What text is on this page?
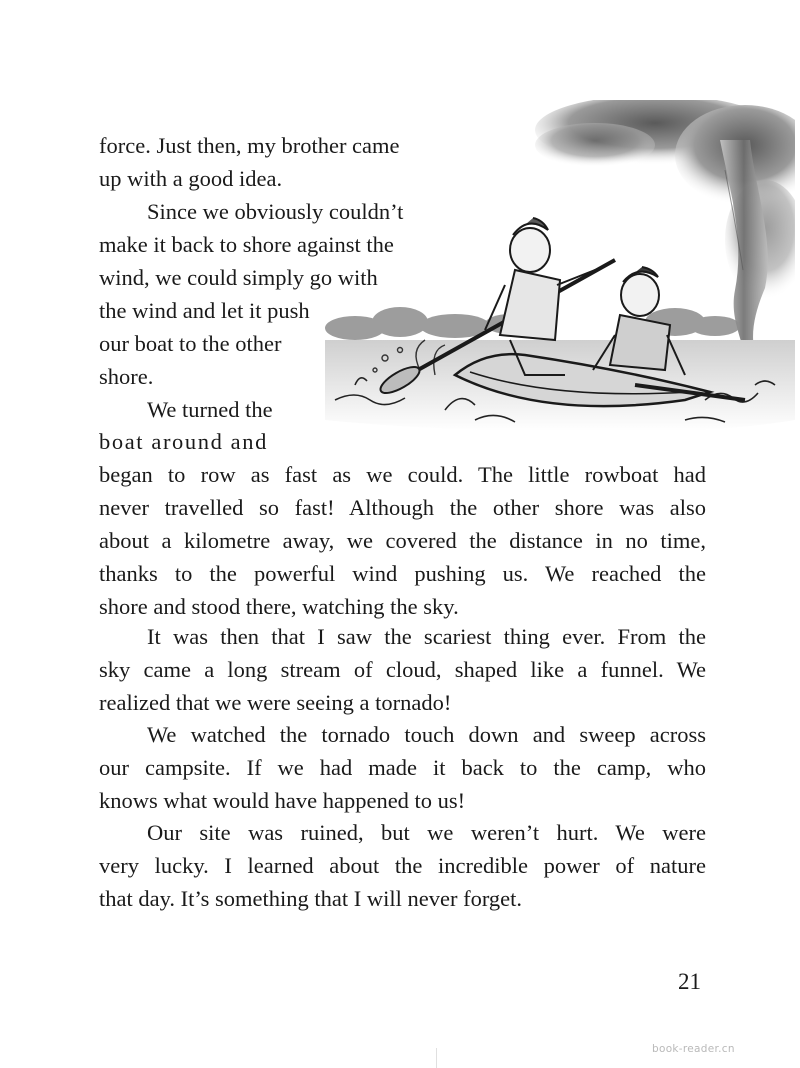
force. Just then, my brother came

up with a good idea.

Since we obviously couldn’t

make it back to shore against the

wind, we could simply go with

the wind and let it push

our boat to the other

shore.

We turned the

boat around and

began to row as fast as we could. The little rowboat had

never travelled so fast! Although the other shore was also

about a kilometre away, we covered the distance in no time,

thanks to the powerful wind pushing us. We reached the

shore and stood there, watching the sky.

It was then that I saw the scariest thing ever. From the

sky came a long stream of cloud, shaped like a funnel. We

realized that we were seeing a tornado!

We watched the tornado touch down and sweep across

our campsite. If we had made it back to the camp, who

knows what would have happened to us!

Our site was ruined, but we weren’t hurt. We were

very lucky. I learned about the incredible power of nature

that day. It’s something that I will never forget.

21
book-reader.cn
